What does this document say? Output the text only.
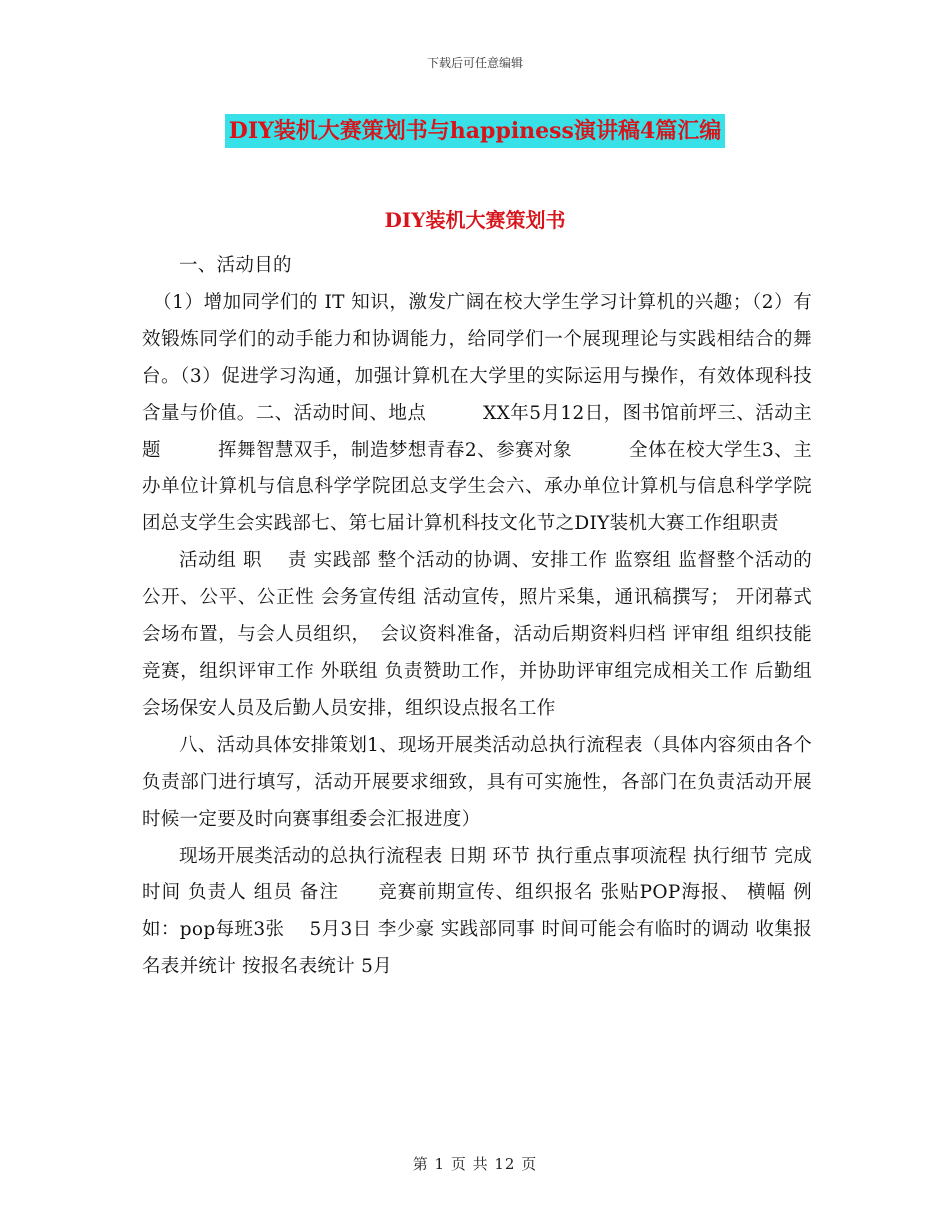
下载后可任意编辑
DIY装机大赛策划书与happiness演讲稿4篇汇编
DIY装机大赛策划书

一、活动目的

（1）增加同学们的 IT 知识，激发广阔在校大学生学习计算机的兴趣；（2）有效锻炼同学们的动手能力和协调能力，给同学们一个展现理论与实践相结合的舞台。（3）促进学习沟通，加强计算机在大学里的实际运用与操作，有效体现科技含量与价值。二、活动时间、地点　　　XX年5月12日，图书馆前坪三、活动主题　　　挥舞智慧双手，制造梦想青春2、参赛对象　　　全体在校大学生3、主办单位计算机与信息科学学院团总支学生会六、承办单位计算机与信息科学学院团总支学生会实践部七、第七届计算机科技文化节之DIY装机大赛工作组职责

活动组 职　 责 实践部 整个活动的协调、安排工作 监察组 监督整个活动的公开、公平、公正性 会务宣传组 活动宣传，照片采集，通讯稿撰写； 开闭幕式会场布置，与会人员组织，　会议资料准备，活动后期资料归档 评审组 组织技能竞赛，组织评审工作 外联组 负责赞助工作，并协助评审组完成相关工作 后勤组 会场保安人员及后勤人员安排，组织设点报名工作

八、活动具体安排策划1、现场开展类活动总执行流程表（具体内容须由各个负责部门进行填写，活动开展要求细致，具有可实施性，各部门在负责活动开展时候一定要及时向赛事组委会汇报进度）

现场开展类活动的总执行流程表 日期 环节 执行重点事项流程 执行细节 完成时间 负责人 组员 备注　　竞赛前期宣传、组织报名 张贴POP海报、 横幅 例如：pop每班3张　 5月3日 李少豪 实践部同事 时间可能会有临时的调动 收集报名表并统计 按报名表统计 5月

第 1 页 共 12 页
